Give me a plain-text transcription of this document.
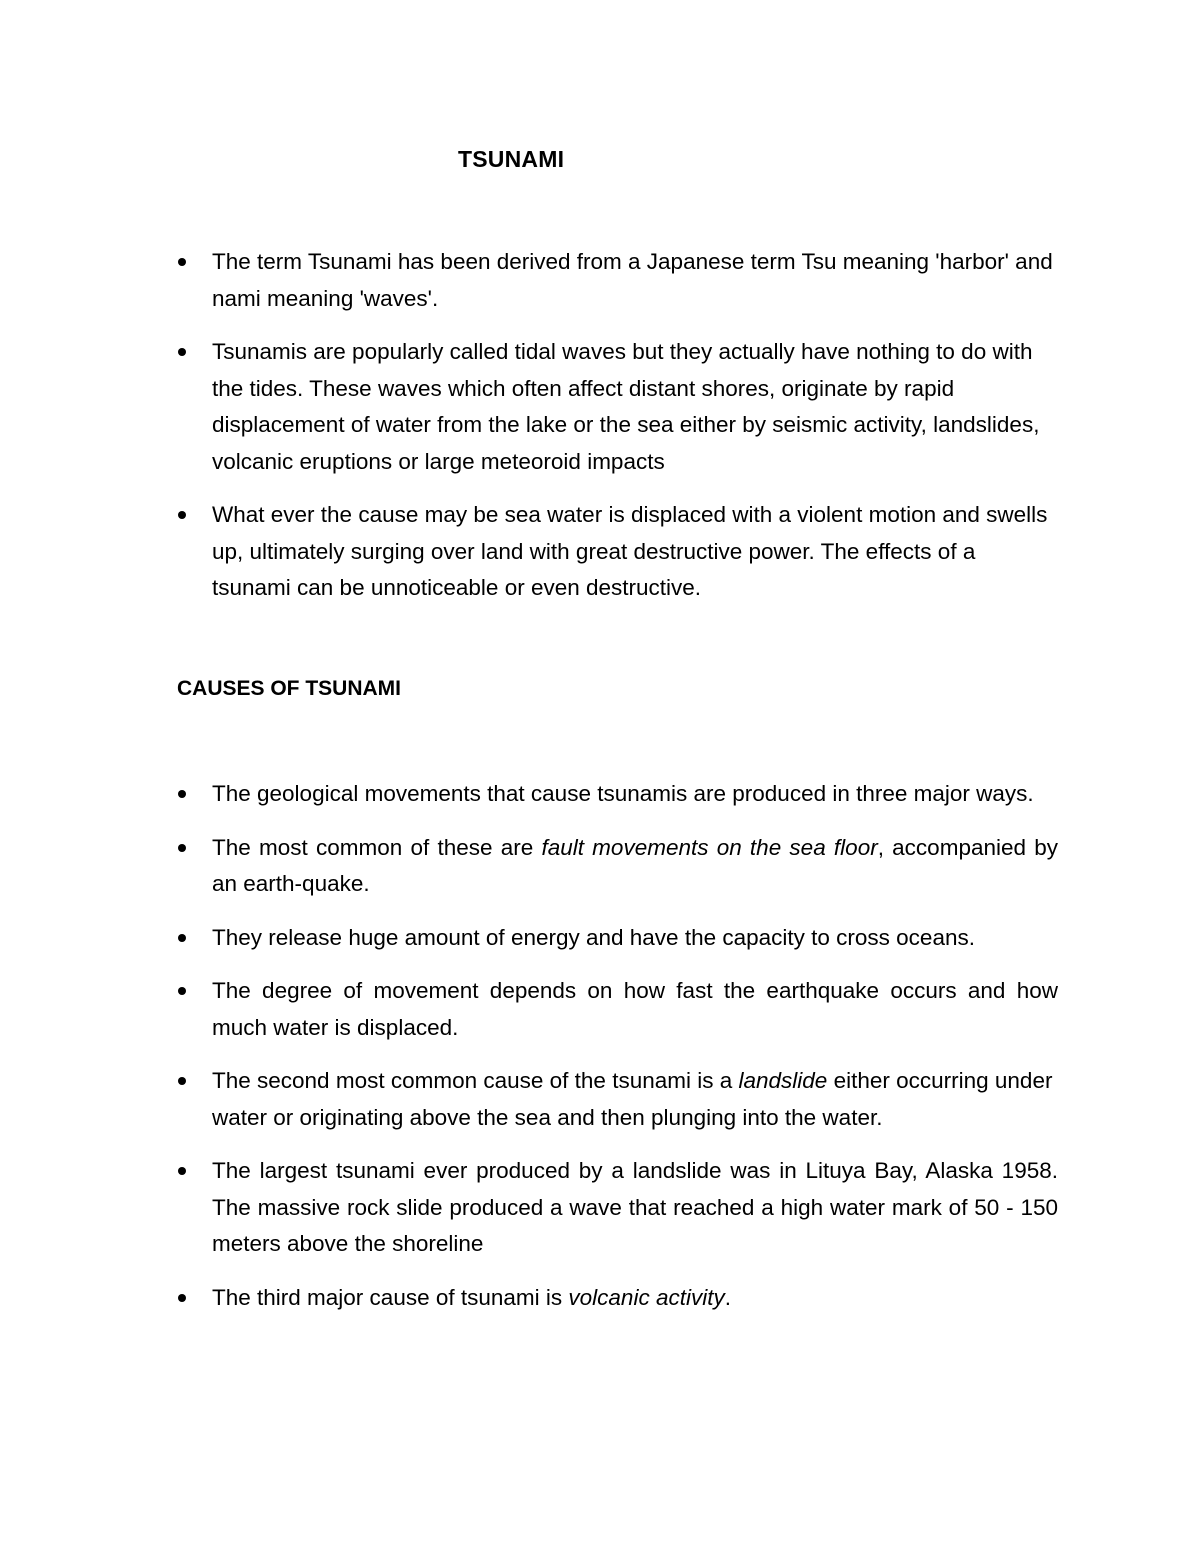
TSUNAMI
The term Tsunami has been derived from a Japanese term Tsu meaning 'harbor' and nami meaning 'waves'.
Tsunamis are popularly called tidal waves but they actually have nothing to do with the tides. These waves which often affect distant shores, originate by rapid displacement of water from the lake or the sea either by seismic activity, landslides, volcanic eruptions or large meteoroid impacts
What ever the cause may be sea water is displaced with a violent motion and swells up, ultimately surging over land with great destructive power. The effects of a tsunami can be unnoticeable or even destructive.
CAUSES OF TSUNAMI
The geological movements that cause tsunamis are produced in three major ways.
The most common of these are fault movements on the sea floor, accompanied by an earth-quake.
They release huge amount of energy and have the capacity to cross oceans.
The degree of movement depends on how fast the earthquake occurs and how much water is displaced.
The second most common cause of the tsunami is a landslide either occurring under water or originating above the sea and then plunging into the water.
The largest tsunami ever produced by a landslide was in Lituya Bay, Alaska 1958. The massive rock slide produced a wave that reached a high water mark of 50 - 150 meters above the shoreline
The third major cause of tsunami is volcanic activity.
